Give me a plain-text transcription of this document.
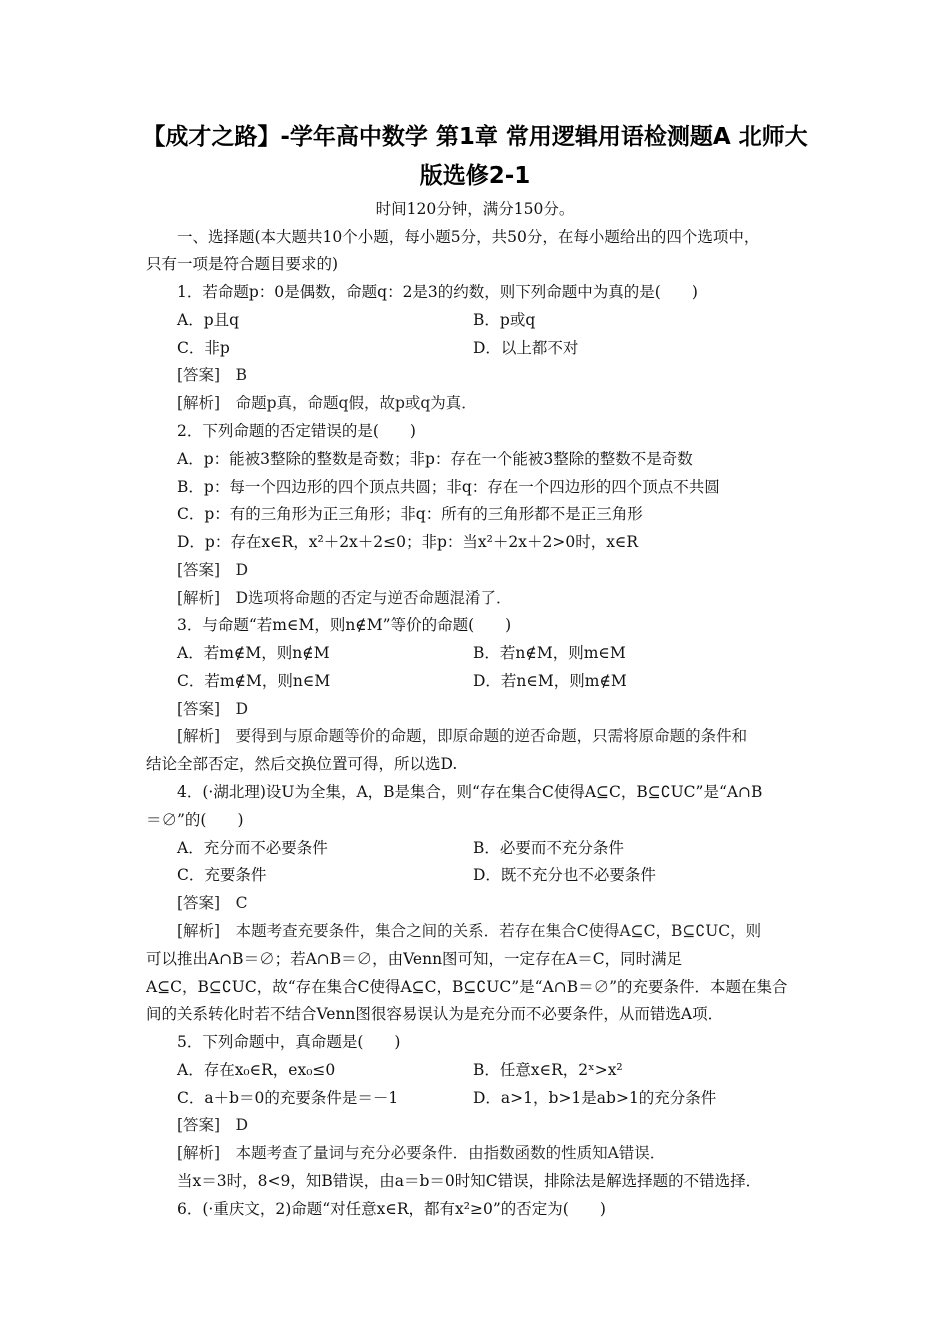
【成才之路】-学年高中数学 第1章 常用逻辑用语检测题A 北师大
版选修2-1
时间120分钟，满分150分。
一、选择题(本大题共10个小题，每小题5分，共50分，在每小题给出的四个选项中，
只有一项是符合题目要求的)
1．若命题p：0是偶数，命题q：2是3的约数，则下列命题中为真的是(　　)
A．p且q	B．p或q
C．非p	D．以上都不对
[答案]　B
[解析]　命题p真，命题q假，故p或q为真．
2．下列命题的否定错误的是(　　)
A．p：能被3整除的整数是奇数；非p：存在一个能被3整除的整数不是奇数
B．p：每一个四边形的四个顶点共圆；非q：存在一个四边形的四个顶点不共圆
C．p：有的三角形为正三角形；非q：所有的三角形都不是正三角形
D．p：存在x∈R，x²＋2x＋2≤0；非p：当x²＋2x＋2>0时，x∈R
[答案]　D
[解析]　D选项将命题的否定与逆否命题混淆了．
3．与命题“若m∈M，则n∉M”等价的命题(　　)
A．若m∉M，则n∉M	B．若n∉M，则m∈M
C．若m∉M，则n∈M	D．若n∈M，则m∉M
[答案]　D
[解析]　要得到与原命题等价的命题，即原命题的逆否命题，只需将原命题的条件和
结论全部否定，然后交换位置可得，所以选D.
4．(·湖北理)设U为全集，A，B是集合，则“存在集合C使得A⊆C，B⊆∁UC”是“A∩B
＝∅”的(　　)
A．充分而不必要条件	B．必要而不充分条件
C．充要条件	D．既不充分也不必要条件
[答案]　C
[解析]　本题考查充要条件，集合之间的关系．若存在集合C使得A⊆C，B⊆∁UC，则
可以推出A∩B＝∅；若A∩B＝∅，由Venn图可知，一定存在A＝C，同时满足
A⊆C，B⊆∁UC，故“存在集合C使得A⊆C，B⊆∁UC”是“A∩B＝∅”的充要条件．本题在集合
间的关系转化时若不结合Venn图很容易误认为是充分而不必要条件，从而错选A项．
5．下列命题中，真命题是(　　)
A．存在x₀∈R，ex₀≤0	B．任意x∈R，2ˣ>x²
C．a＋b＝0的充要条件是＝－1	D．a>1，b>1是ab>1的充分条件
[答案]　D
[解析]　本题考查了量词与充分必要条件．由指数函数的性质知A错误．
当x＝3时，8<9，知B错误，由a＝b＝0时知C错误，排除法是解选择题的不错选择．
6．(·重庆文，2)命题“对任意x∈R，都有x²≥0”的否定为(　　)
